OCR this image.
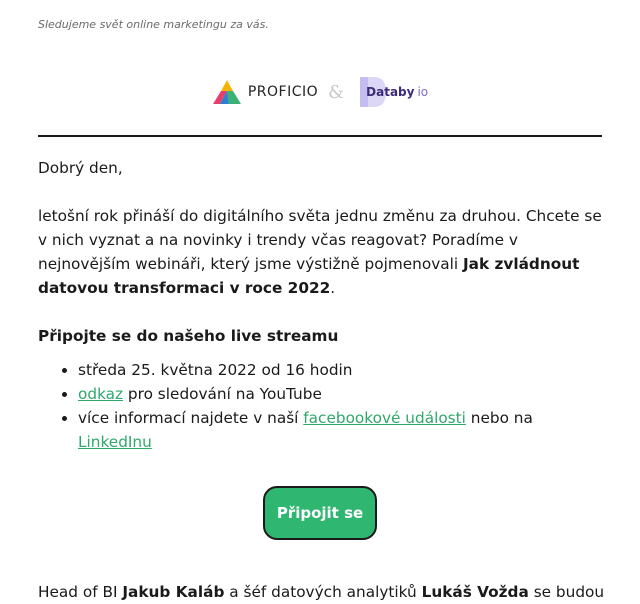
Sledujeme svět online marketingu za vás.
PROFICIO & Databy io

Dobrý den,

letošní rok přináší do digitálního světa jednu změnu za druhou. Chcete se v nich vyznat a na novinky i trendy včas reagovat? Poradíme v nejnovějším webináři, který jsme výstižně pojmenovali Jak zvládnout datovou transformaci v roce 2022.

Připojte se do našeho live streamu

• středa 25. května 2022 od 16 hodin
• odkaz pro sledování na YouTube
• více informací najdete v naší facebookové události nebo na LinkedInu
Připojit se
Head of BI Jakub Kaláb a šéf datových analytiků Lukáš Vožda se budou
